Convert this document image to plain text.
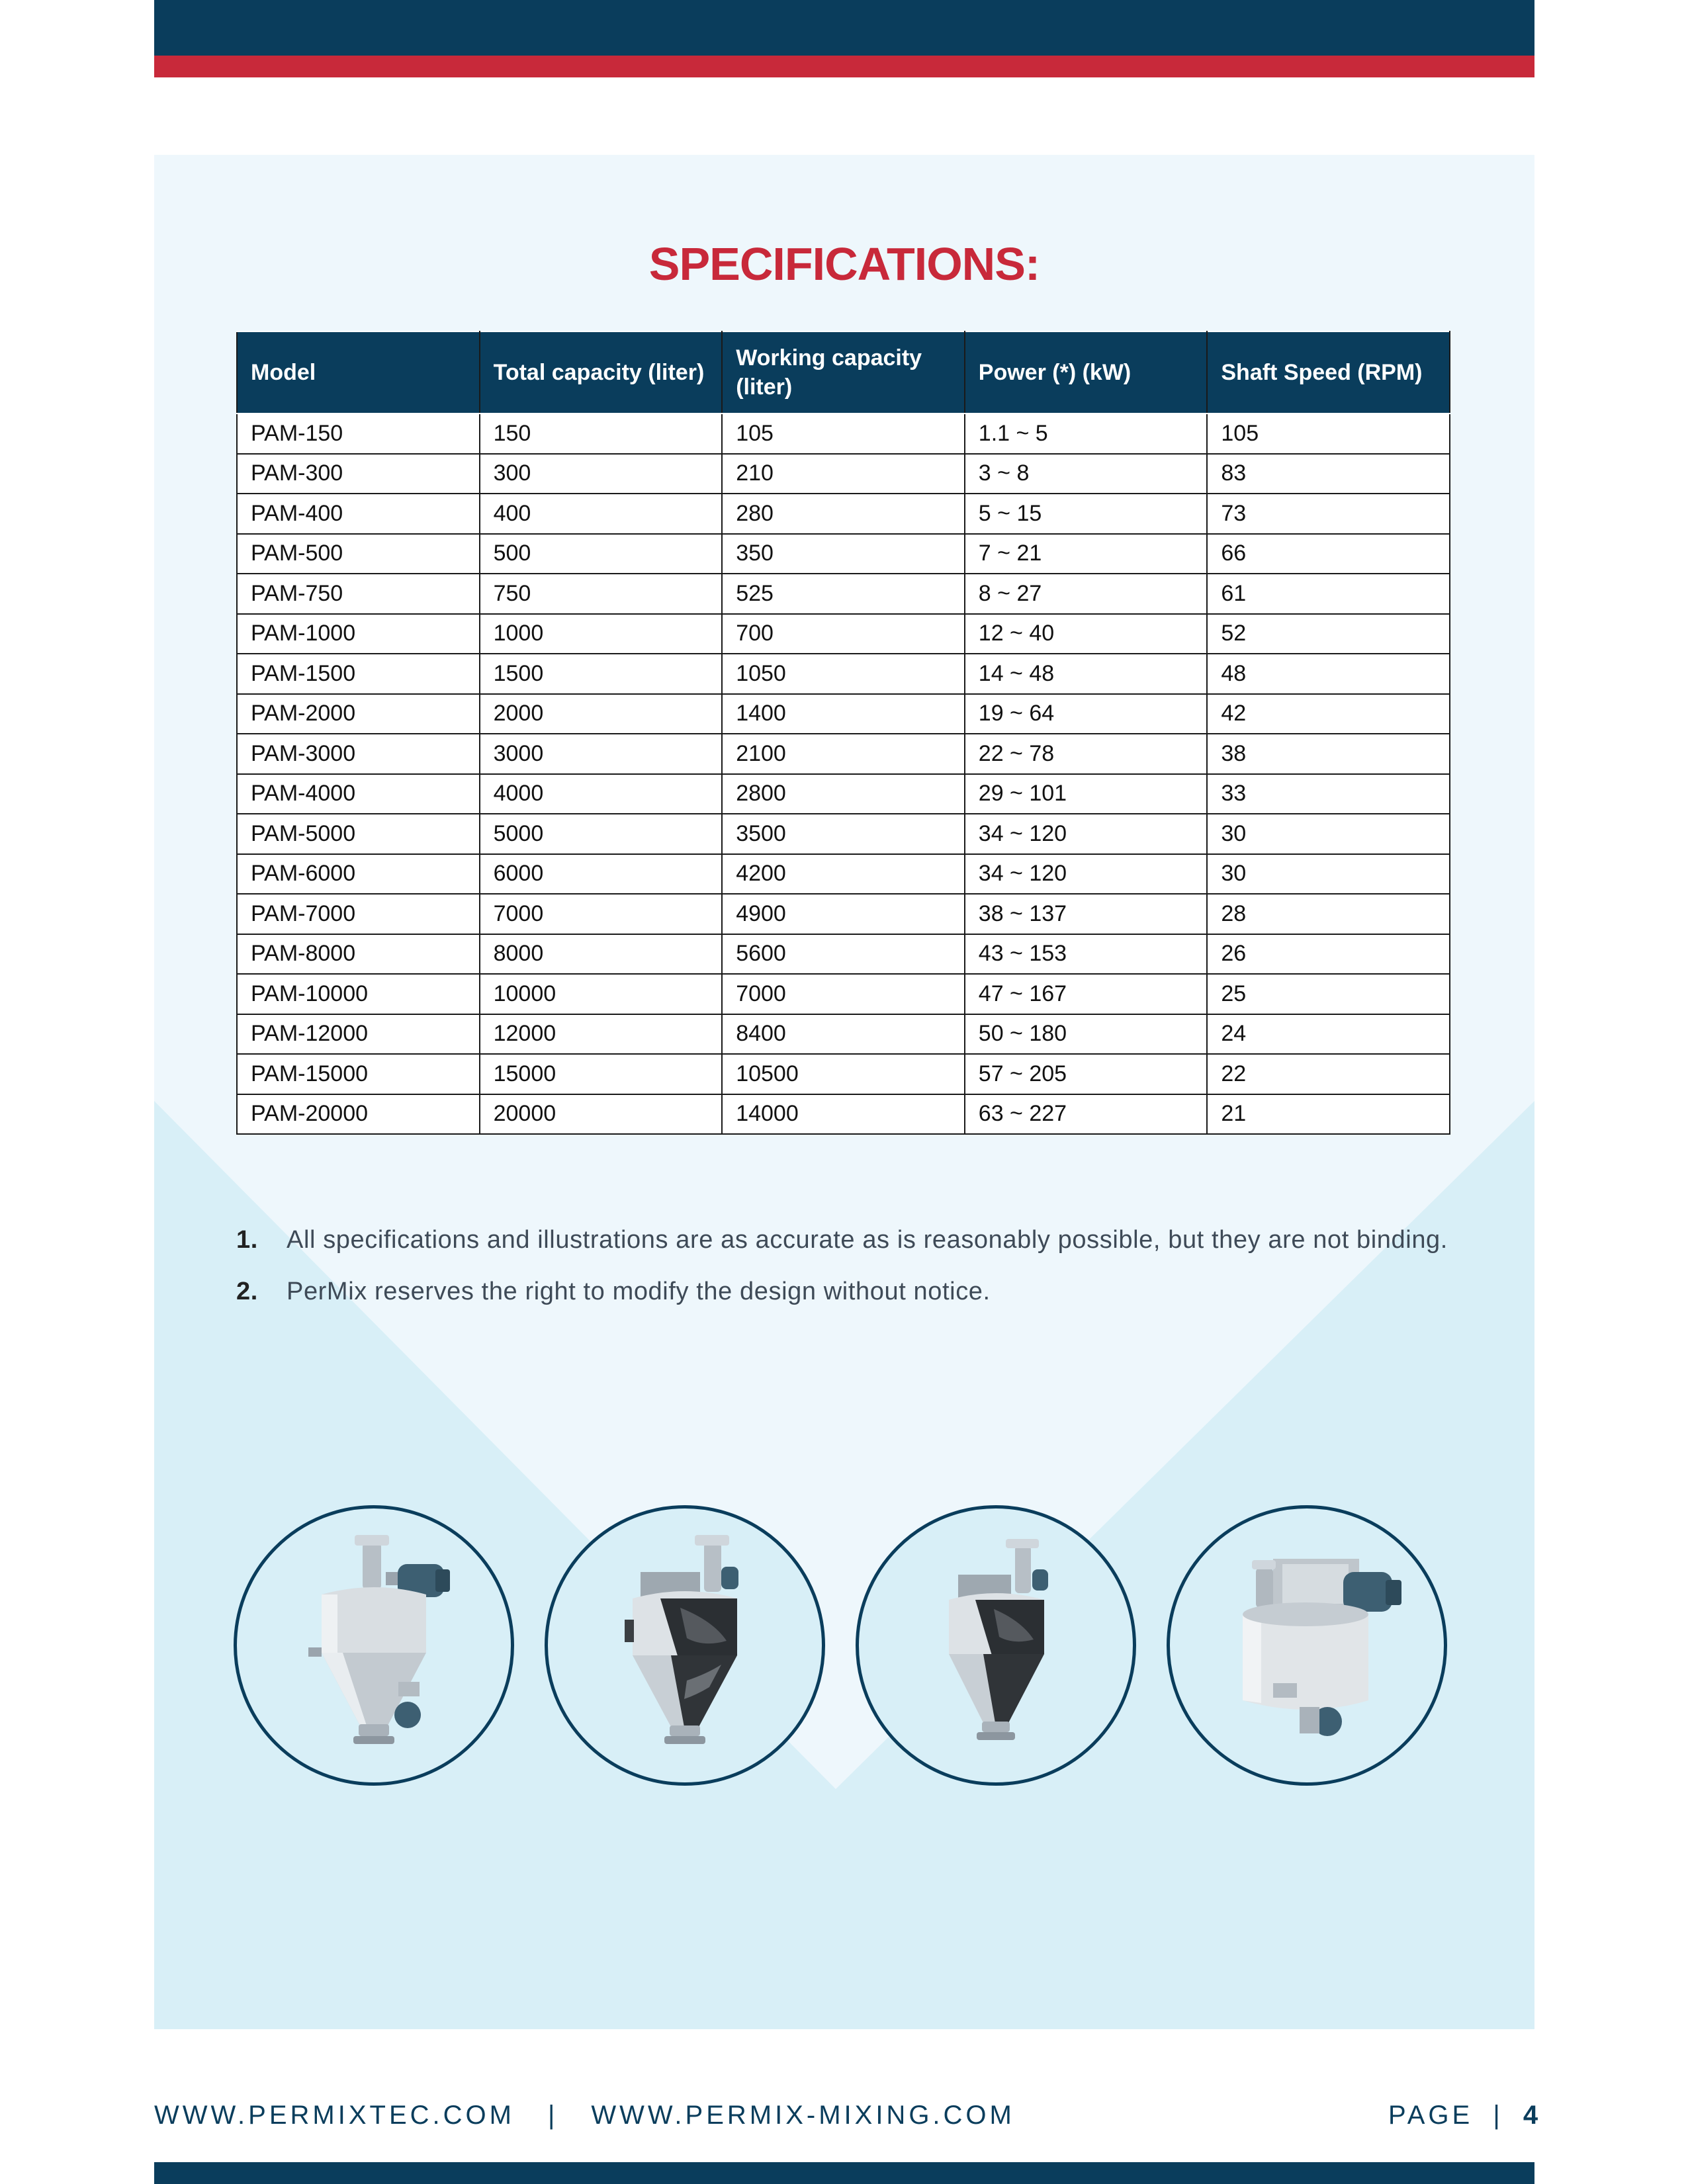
SPECIFICATIONS:
Model	Total capacity (liter)	Working capacity (liter)	Power (*) (kW)	Shaft Speed (RPM)
PAM-150	150	105	1.1 ~ 5	105
PAM-300	300	210	3 ~ 8	83
PAM-400	400	280	5 ~ 15	73
PAM-500	500	350	7 ~ 21	66
PAM-750	750	525	8 ~ 27	61
PAM-1000	1000	700	12 ~ 40	52
PAM-1500	1500	1050	14 ~ 48	48
PAM-2000	2000	1400	19 ~ 64	42
PAM-3000	3000	2100	22 ~ 78	38
PAM-4000	4000	2800	29 ~ 101	33
PAM-5000	5000	3500	34 ~ 120	30
PAM-6000	6000	4200	34 ~ 120	30
PAM-7000	7000	4900	38 ~ 137	28
PAM-8000	8000	5600	43 ~ 153	26
PAM-10000	10000	7000	47 ~ 167	25
PAM-12000	12000	8400	50 ~ 180	24
PAM-15000	15000	10500	57 ~ 205	22
PAM-20000	20000	14000	63 ~ 227	21
1. All specifications and illustrations are as accurate as is reasonably possible, but they are not binding.
2. PerMix reserves the right to modify the design without notice.
WWW.PERMIXTEC.COM | WWW.PERMIX-MIXING.COM	PAGE | 4
